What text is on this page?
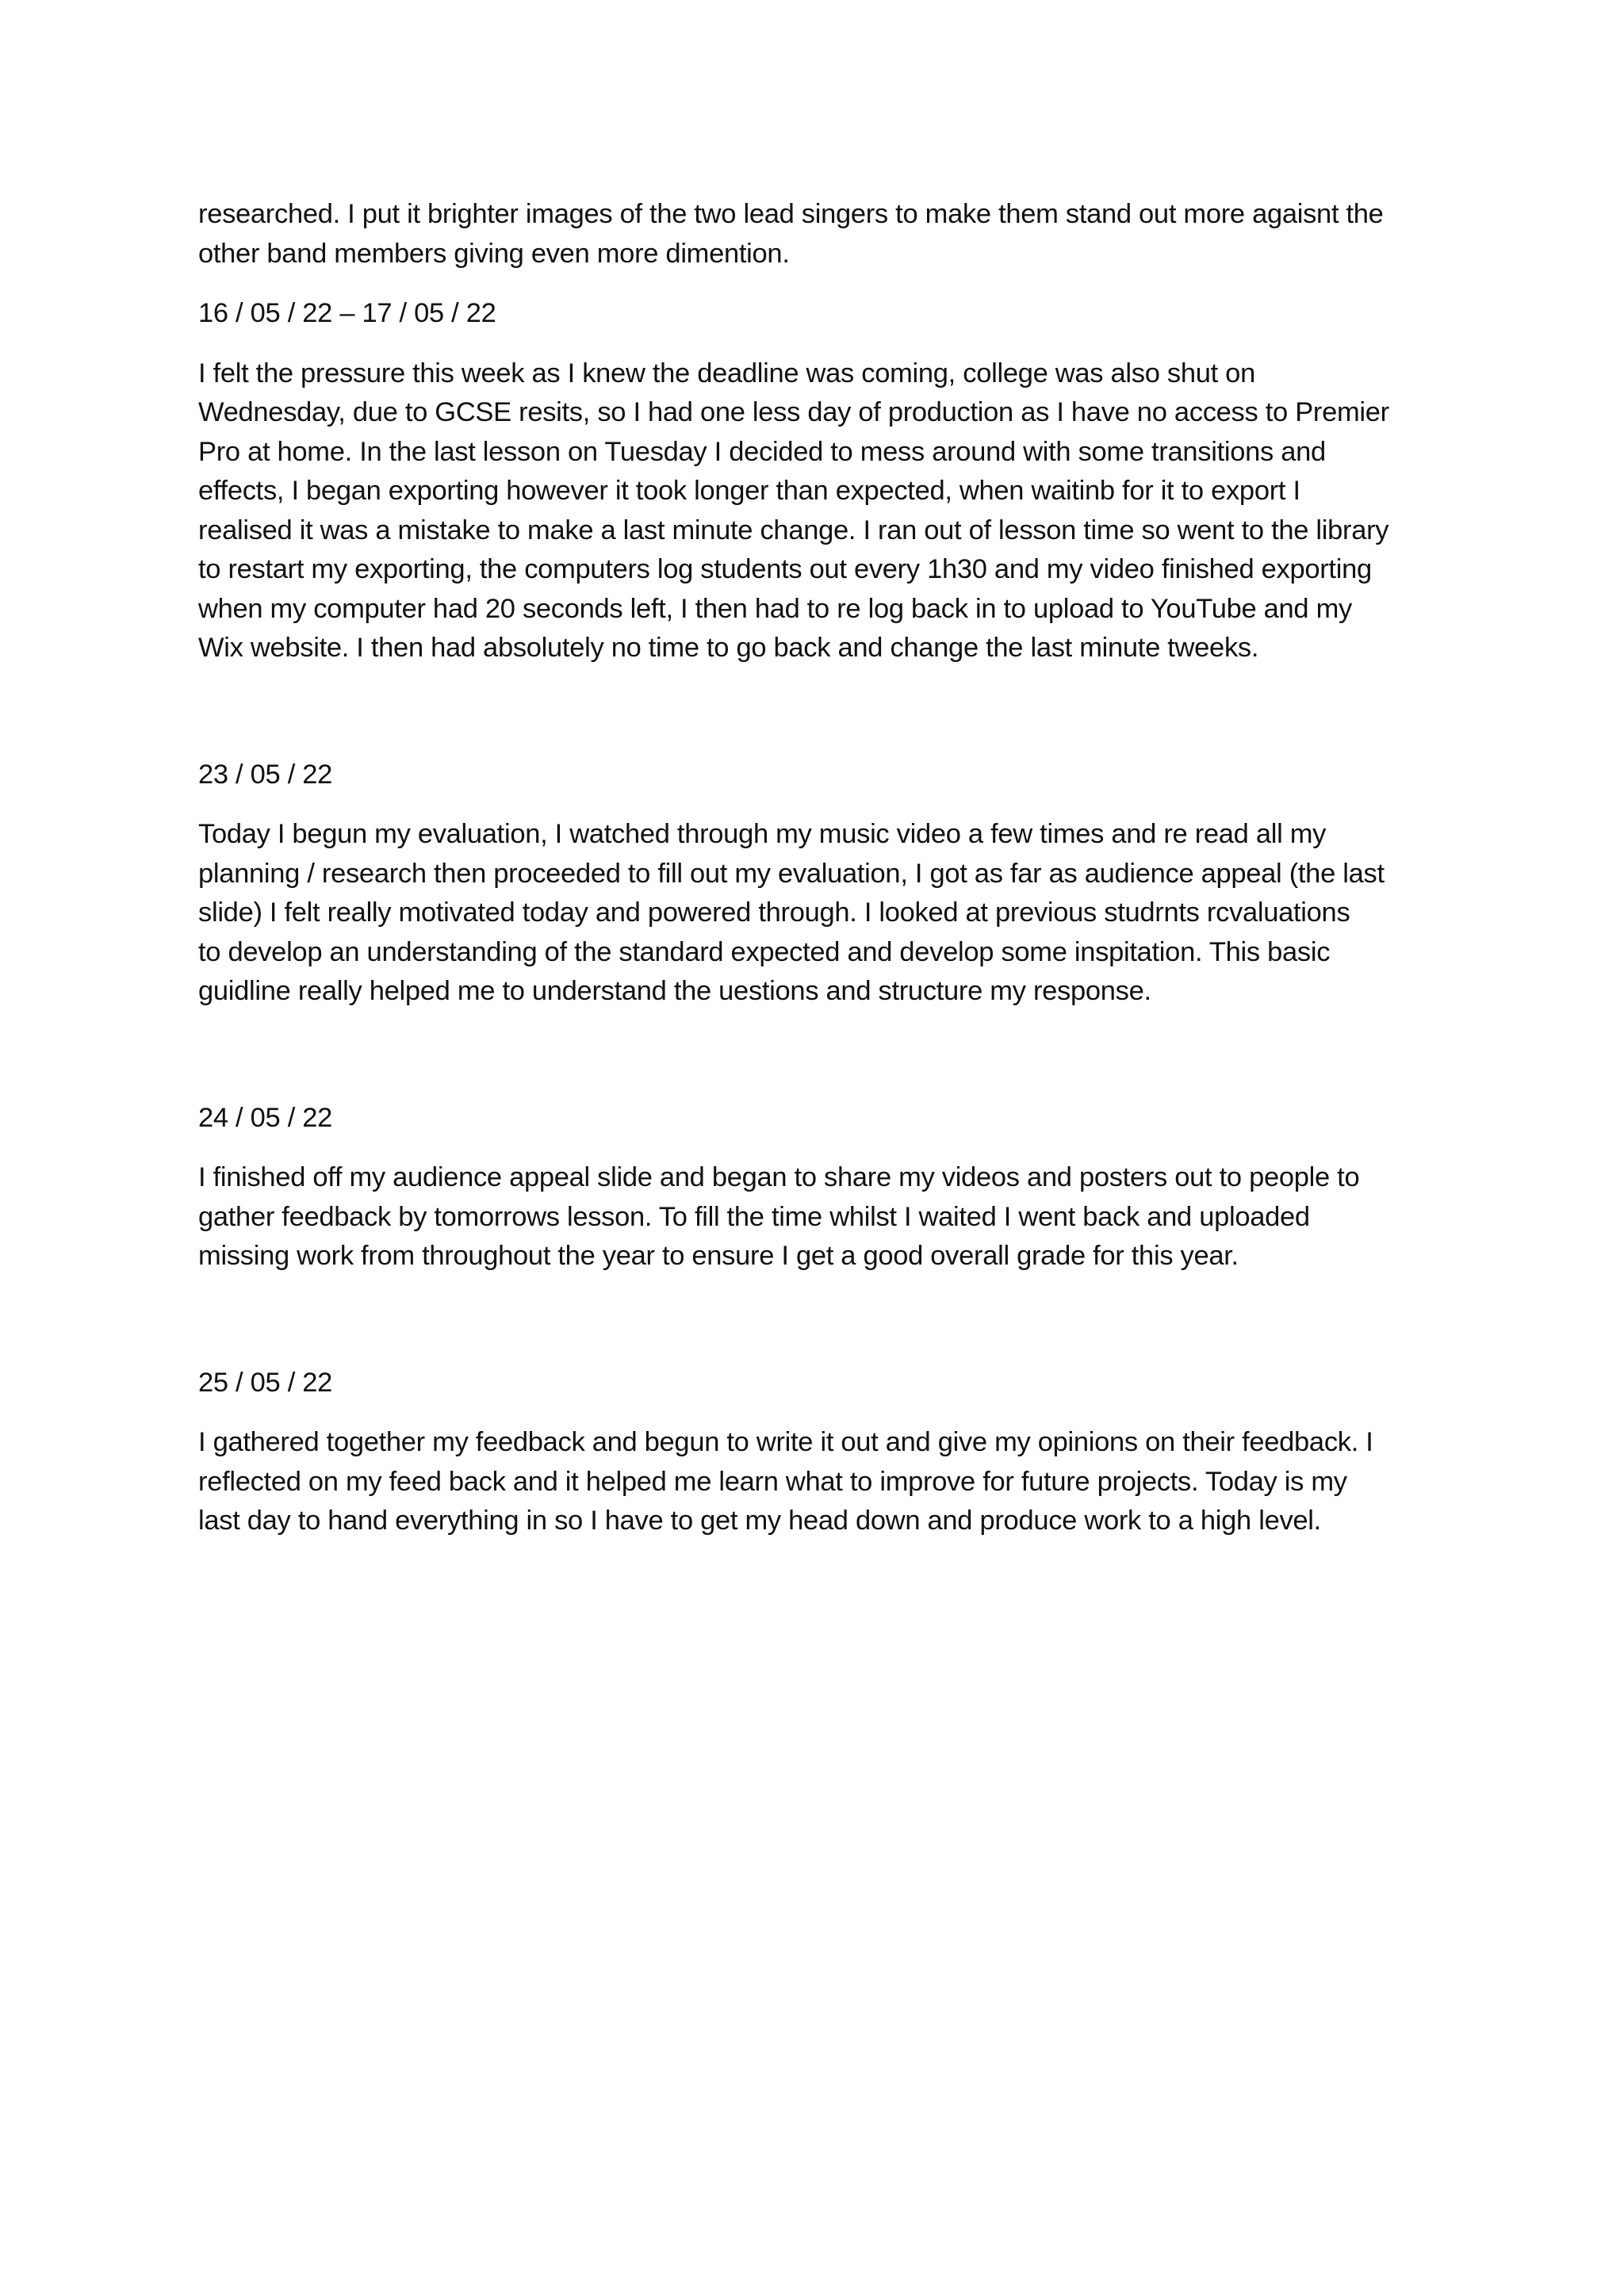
researched. I put it brighter images of the two lead singers to make them stand out more agaisnt the
other band members giving even more dimention.

16 / 05 / 22 – 17 / 05 / 22

I felt the pressure this week as I knew the deadline was coming, college was also shut on
Wednesday, due to GCSE resits, so I had one less day of production as I have no access to Premier
Pro at home. In the last lesson on Tuesday I decided to mess around with some transitions and
effects, I began exporting however it took longer than expected, when waitinb for it to export I
realised it was a mistake to make a last minute change. I ran out of lesson time so went to the library
to restart my exporting, the computers log students out every 1h30 and my video finished exporting
when my computer had 20 seconds left, I then had to re log back in to upload to YouTube and my
Wix website. I then had absolutely no time to go back and change the last minute tweeks.

23 / 05 / 22

Today I begun my evaluation, I watched through my music video a few times and re read all my
planning / research then proceeded to fill out my evaluation, I got as far as audience appeal (the last
slide) I felt really motivated today and powered through. I looked at previous studrnts rcvaluations
to develop an understanding of the standard expected and develop some inspitation. This basic
guidline really helped me to understand the uestions and structure my response.

24 / 05 / 22

I finished off my audience appeal slide and began to share my videos and posters out to people to
gather feedback by tomorrows lesson. To fill the time whilst I waited I went back and uploaded
missing work from throughout the year to ensure I get a good overall grade for this year.

25 / 05 / 22

I gathered together my feedback and begun to write it out and give my opinions on their feedback. I
reflected on my feed back and it helped me learn what to improve for future projects. Today is my
last day to hand everything in so I have to get my head down and produce work to a high level.
